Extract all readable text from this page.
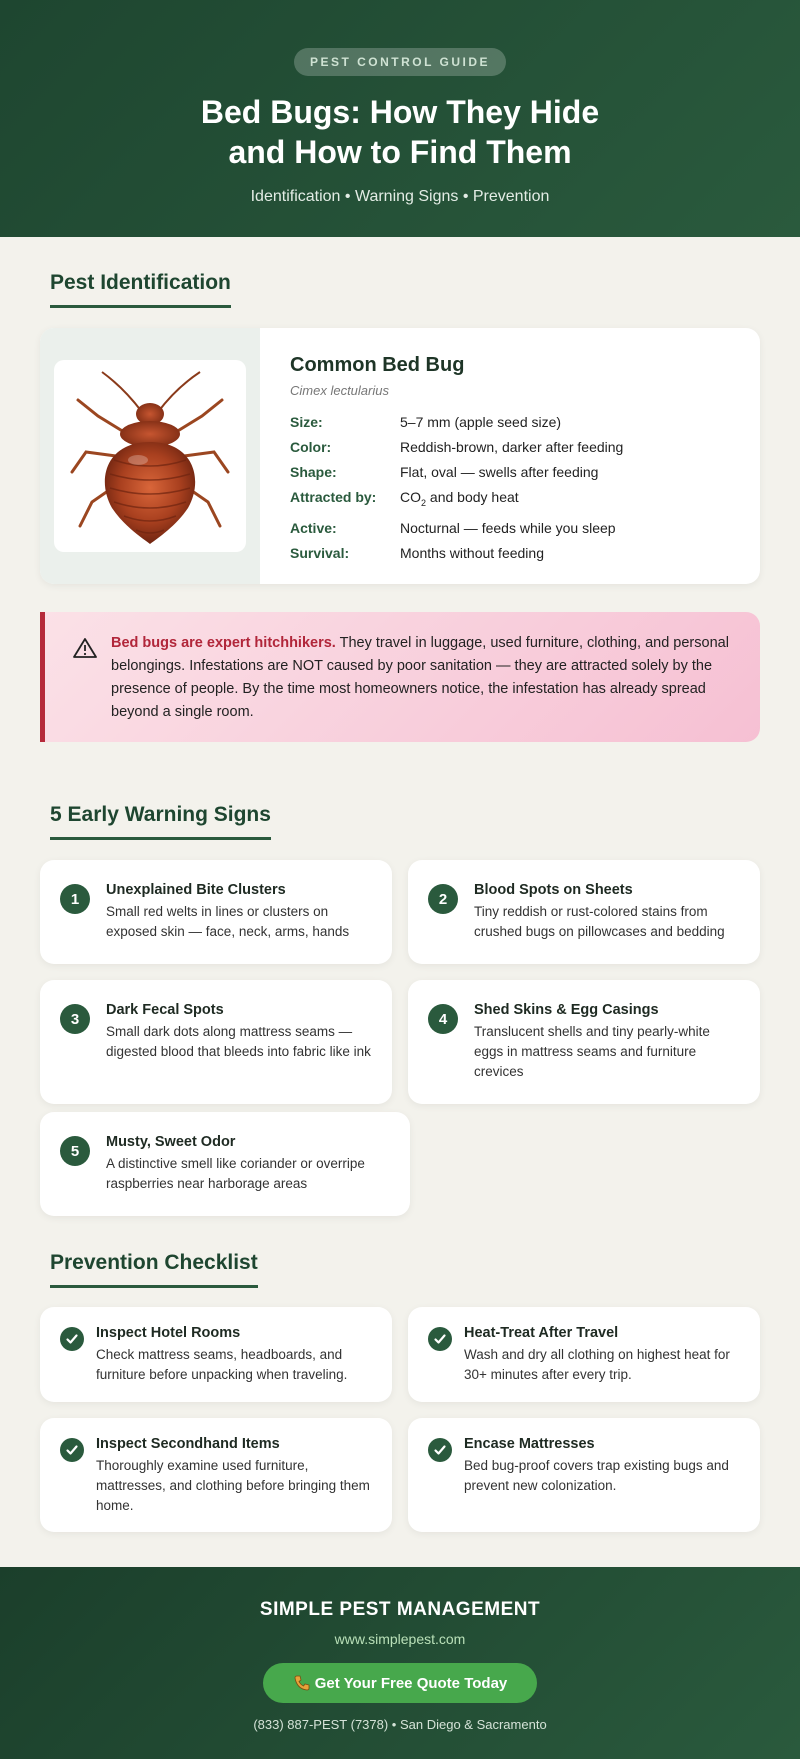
PEST CONTROL GUIDE
Bed Bugs: How They Hide
and How to Find Them
Identification • Warning Signs • Prevention
Pest Identification
Common Bed Bug
Cimex lectularius
Size:	5–7 mm (apple seed size)
Color:	Reddish-brown, darker after feeding
Shape:	Flat, oval — swells after feeding
Attracted by:	$CO_2$ and body heat
Active:	Nocturnal — feeds while you sleep
Survival:	Months without feeding
Bed bugs are expert hitchhikers. They travel in luggage, used furniture, clothing, and personal belongings. Infestations are NOT caused by poor sanitation — they are attracted solely by the presence of people. By the time most homeowners notice, the infestation has already spread beyond a single room.
5 Early Warning Signs
1
Unexplained Bite Clusters
Small red welts in lines or clusters on exposed skin — face, neck, arms, hands
2
Blood Spots on Sheets
Tiny reddish or rust-colored stains from crushed bugs on pillowcases and bedding
3
Dark Fecal Spots
Small dark dots along mattress seams — digested blood that bleeds into fabric like ink
4
Shed Skins & Egg Casings
Translucent shells and tiny pearly-white eggs in mattress seams and furniture crevices
5
Musty, Sweet Odor
A distinctive smell like coriander or overripe raspberries near harborage areas
Prevention Checklist
Inspect Hotel Rooms
Check mattress seams, headboards, and furniture before unpacking when traveling.
Heat-Treat After Travel
Wash and dry all clothing on highest heat for 30+ minutes after every trip.
Inspect Secondhand Items
Thoroughly examine used furniture, mattresses, and clothing before bringing them home.
Encase Mattresses
Bed bug-proof covers trap existing bugs and prevent new colonization.
SIMPLE PEST MANAGEMENT
www.simplepest.com
Get Your Free Quote Today
(833) 887-PEST (7378) • San Diego & Sacramento
